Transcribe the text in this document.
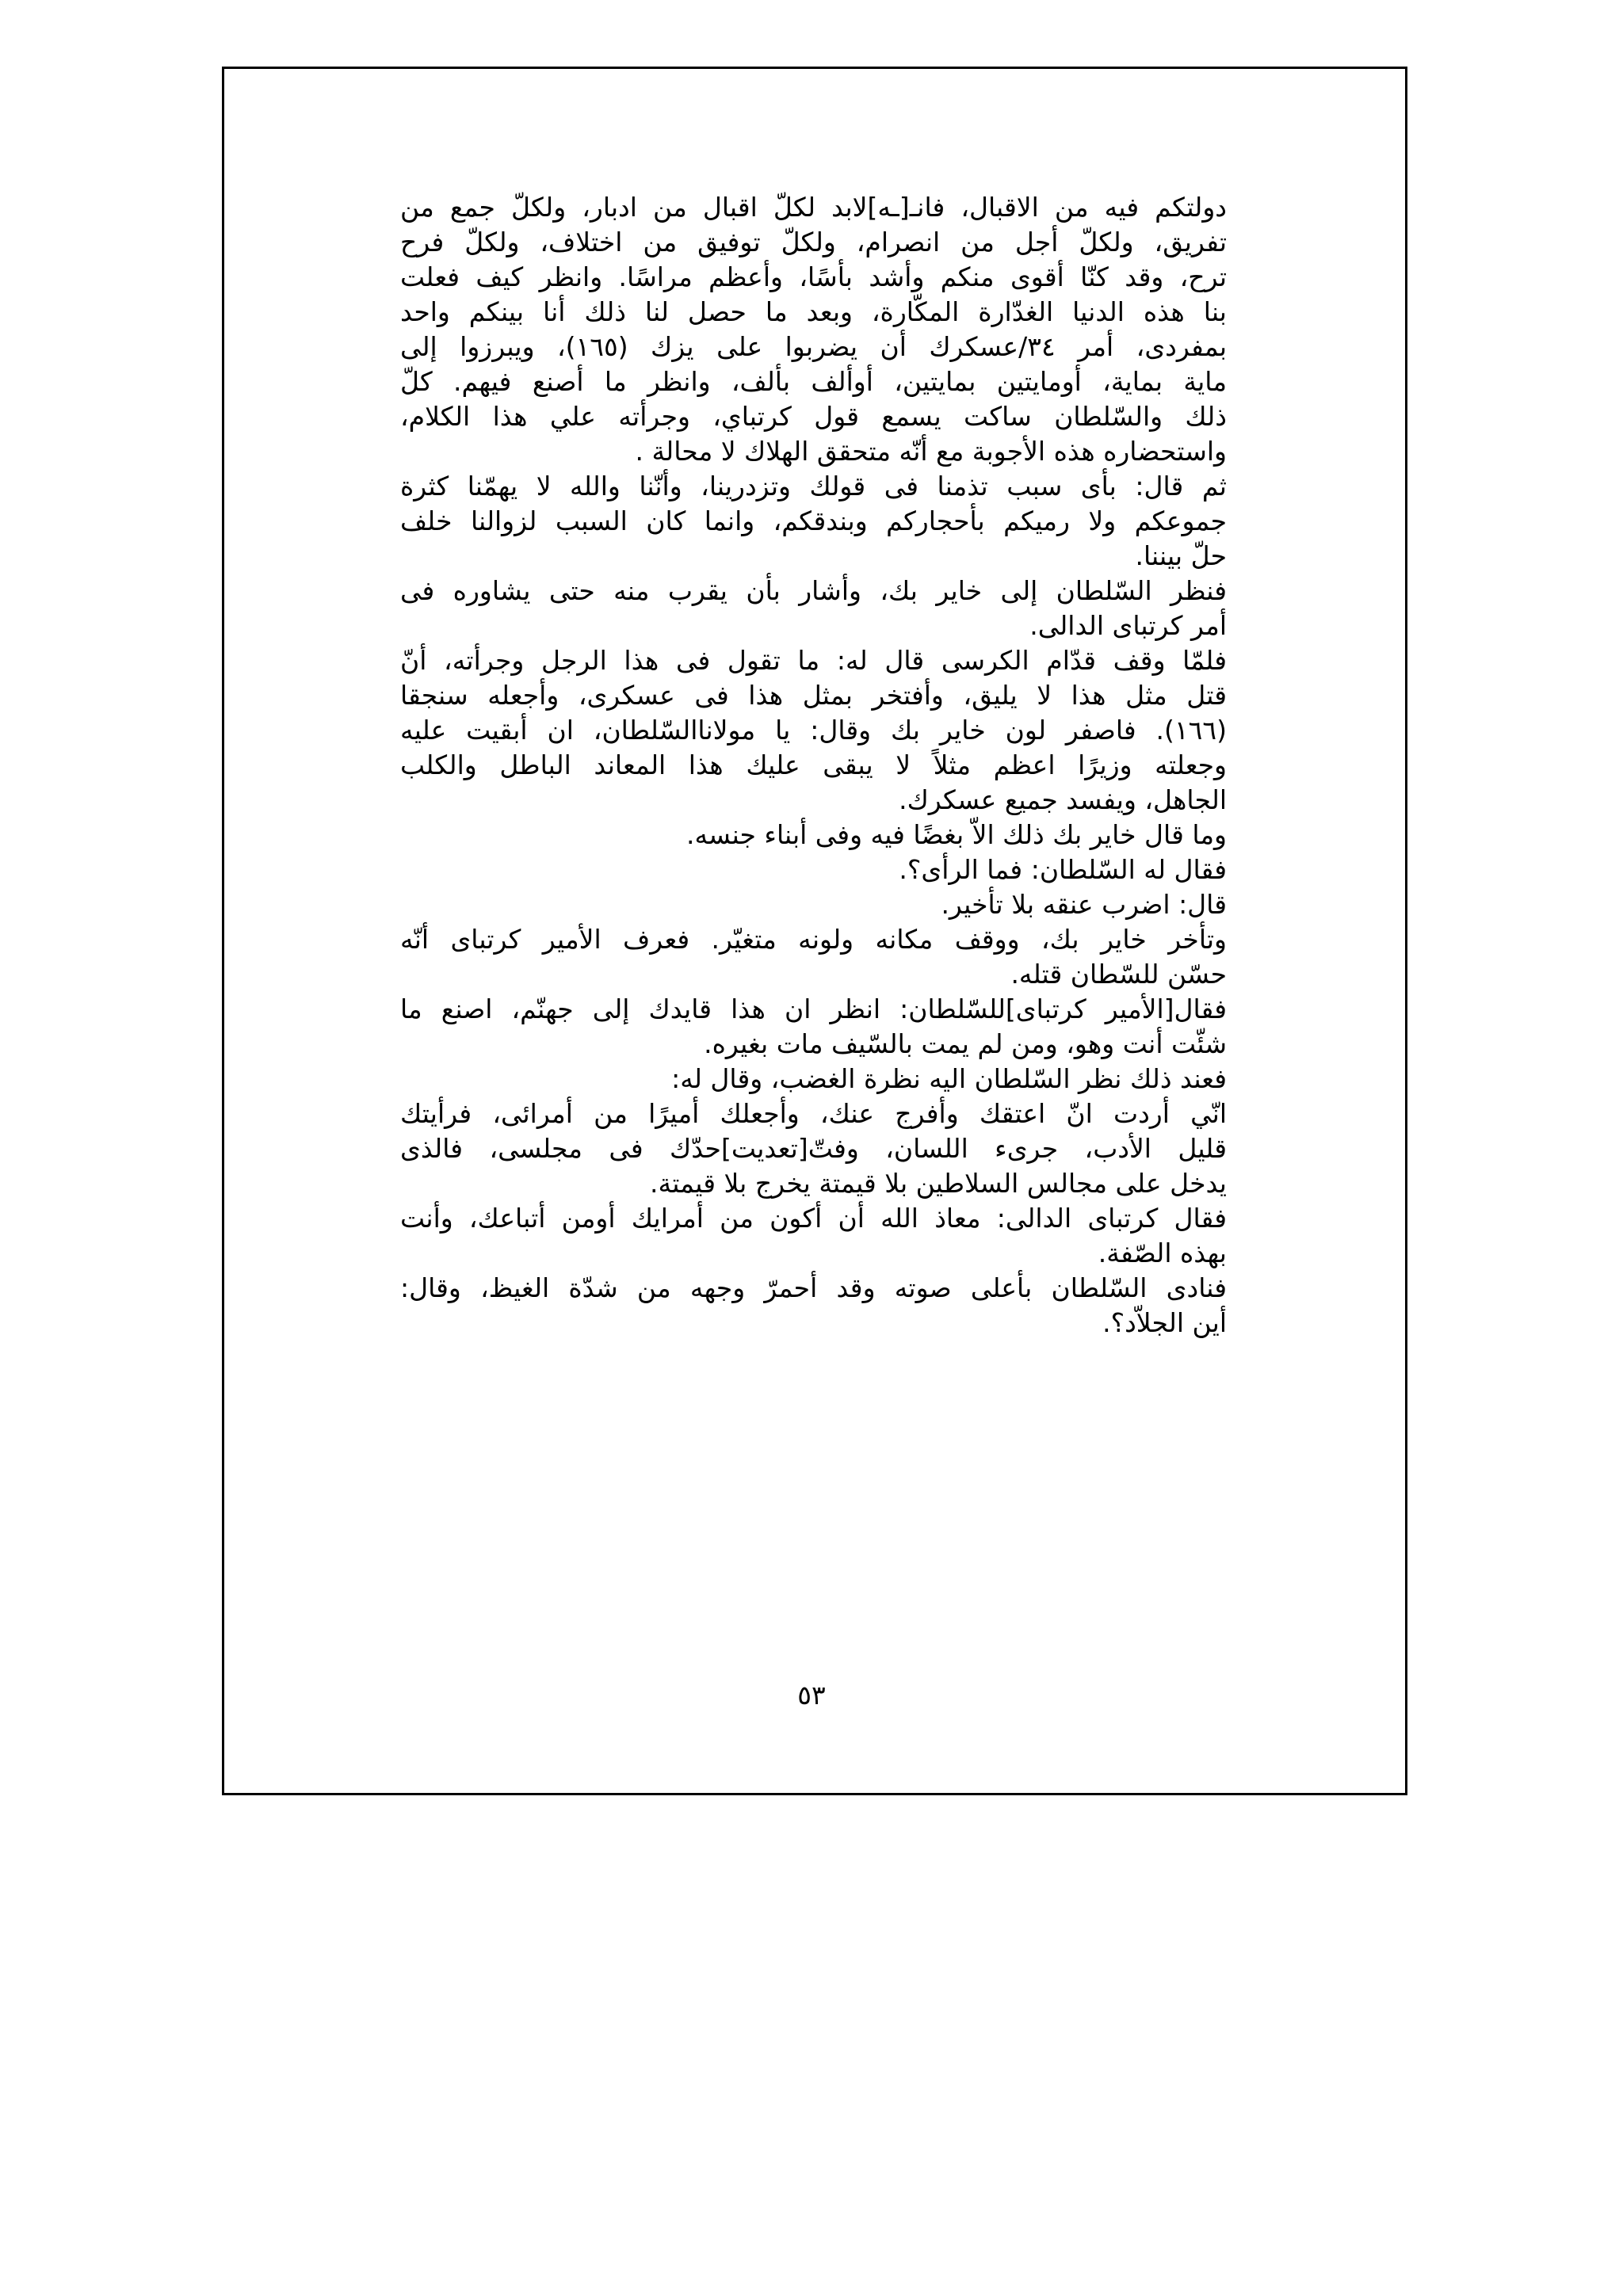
دولتكم فيه من الاقبال، فانـ[ـه]لابد لكلّ اقبال من ادبار، ولكلّ جمع من
تفريق، ولكلّ أجل من انصرام، ولكلّ توفيق من اختلاف، ولكلّ فرح
ترح، وقد كنّا أقوى منكم وأشد بأسًا، وأعظم مراسًا. وانظر كيف فعلت
بنا هذه الدنيا الغدّارة المكّارة، وبعد ما حصل لنا ذلك أنا بينكم واحد
بمفردى، أمر ٣٤/عسكرك أن يضربوا على يزك (١٦٥)، ويبرزوا إلى
ماية بماية، أومايتين بمايتين، أوألف بألف، وانظر ما أصنع فيهم. كلّ
ذلك والسّلطان ساكت يسمع قول كرتباي، وجرأته علي هذا الكلام،
واستحضاره هذه الأجوبة مع أنّه متحقق الهلاك لا محالة .

ثم قال: بأى سبب تذمنا فى قولك وتزدرينا، وأنّنا والله لا يهمّنا كثرة
جموعكم ولا رميكم بأحجاركم وبندقكم، وانما كان السبب لزوالنا خلف
حلّ بيننا.

فنظر السّلطان إلى خاير بك، وأشار بأن يقرب منه حتى يشاوره فى
أمر كرتباى الدالى.

فلمّا وقف قدّام الكرسى قال له: ما تقول فى هذا الرجل وجرأته، أنّ
قتل مثل هذا لا يليق، وأفتخر بمثل هذا فى عسكرى، وأجعله سنجقا
(١٦٦). فاصفر لون خاير بك وقال: يا مولاناالسّلطان، ان أبقيت عليه
وجعلته وزيرًا اعظم مثلاً لا يبقى عليك هذا المعاند الباطل والكلب
الجاهل، ويفسد جميع عسكرك.

وما قال خاير بك ذلك الاّ بغضًا فيه وفى أبناء جنسه.

فقال له السّلطان: فما الرأى؟.

قال: اضرب عنقه بلا تأخير.

وتأخر خاير بك، ووقف مكانه ولونه متغيّر. فعرف الأمير كرتباى أنّه
حسّن للسّطان قتله.

فقال[الأمير كرتباى]للسّلطان: انظر ان هذا قايدك إلى جهنّم، اصنع ما
شئّت أنت وهو، ومن لم يمت بالسّيف مات بغيره.

فعند ذلك نظر السّلطان اليه نظرة الغضب، وقال له:

انّي أردت انّ اعتقك وأفرج عنك، وأجعلك أميرًا من أمرائى، فرأيتك
قليل الأدب، جرىء اللسان، وفتّ[تعديت]حدّك فى مجلسى، فالذى
يدخل على مجالس السلاطين بلا قيمتة يخرج بلا قيمتة.

فقال كرتباى الدالى: معاذ الله أن أكون من أمرايك أومن أتباعك، وأنت
بهذه الصّفة.

فنادى السّلطان بأعلى صوته وقد أحمرّ وجهه من شدّة الغيظ، وقال:
أين الجلاّد؟.

٥٣
